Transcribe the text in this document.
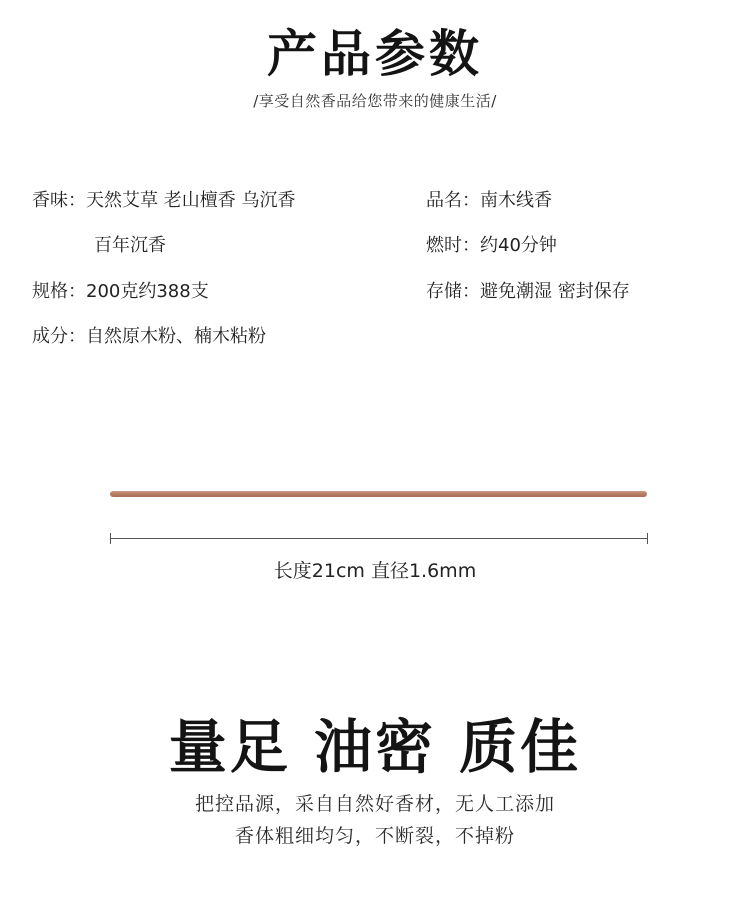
产品参数
/享受自然香品给您带来的健康生活/
香味：天然艾草 老山檀香 乌沉香
百年沉香
规格：200克约388支
成分：自然原木粉、楠木粘粉
品名：南木线香
燃时：约40分钟
存储：避免潮湿 密封保存
长度21cm 直径1.6mm
量足 油密 质佳
把控品源，采自自然好香材，无人工添加
香体粗细均匀，不断裂，不掉粉
